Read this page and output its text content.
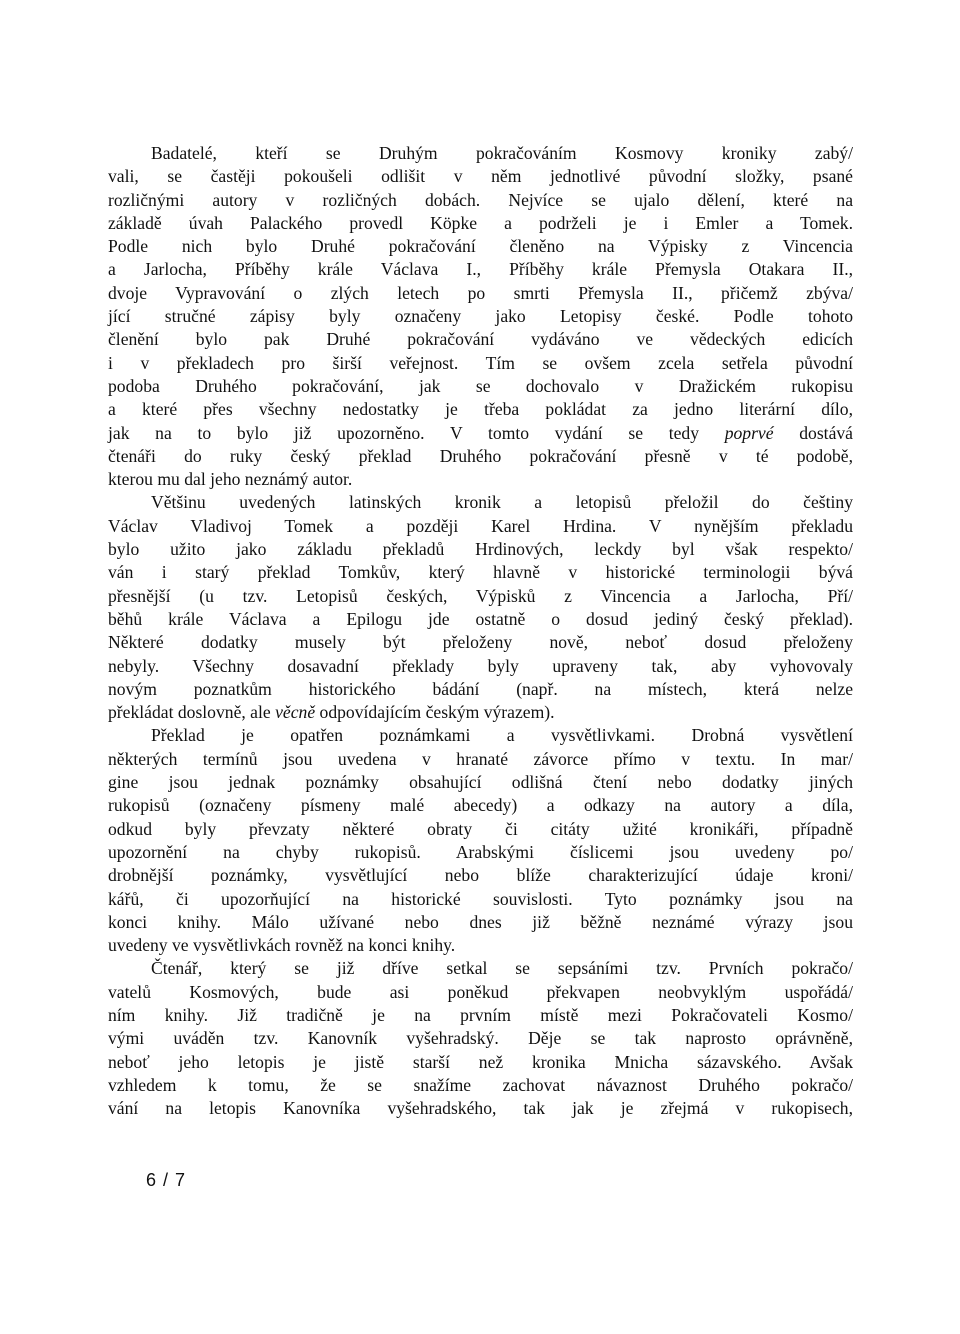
Badatelé, kteří se Druhým pokračováním Kosmovy kroniky zabý/
vali, se častěji pokoušeli odlišit v něm jednotlivé původní složky, psané
rozličnými autory v rozličných dobách. Nejvíce se ujalo dělení, které na
základě úvah Palackého provedl Köpke a podrželi je i Emler a Tomek.
Podle nich bylo Druhé pokračování členěno na Výpisky z Vincencia
a Jarlocha, Příběhy krále Václava I., Příběhy krále Přemysla Otakara II.,
dvoje Vypravování o zlých letech po smrti Přemysla II., přičemž zbýva/
jící stručné zápisy byly označeny jako Letopisy české. Podle tohoto
členění bylo pak Druhé pokračování vydáváno ve vědeckých edicích
i v překladech pro širší veřejnost. Tím se ovšem zcela setřela původní
podoba Druhého pokračování, jak se dochovalo v Dražickém rukopisu
a které přes všechny nedostatky je třeba pokládat za jedno literární dílo,
jak na to bylo již upozorněno. V tomto vydání se tedy poprvé dostává
čtenáři do ruky český překlad Druhého pokračování přesně v té podobě,
kterou mu dal jeho neznámý autor.
Většinu uvedených latinských kronik a letopisů přeložil do češtiny
Václav Vladivoj Tomek a později Karel Hrdina. V nynějším překladu
bylo užito jako základu překladů Hrdinových, leckdy byl však respekto/
ván i starý překlad Tomkův, který hlavně v historické terminologii bývá
přesnější (u tzv. Letopisů českých, Výpisků z Vincencia a Jarlocha, Pří/
běhů krále Václava a Epilogu jde ostatně o dosud jediný český překlad).
Některé dodatky musely být přeloženy nově, neboť dosud přeloženy
nebyly. Všechny dosavadní překlady byly upraveny tak, aby vyhovovaly
novým poznatkům historického bádání (např. na místech, která nelze
překládat doslovně, ale věcně odpovídajícím českým výrazem).
Překlad je opatřen poznámkami a vysvětlivkami. Drobná vysvětlení
některých termínů jsou uvedena v hranaté závorce přímo v textu. In mar/
gine jsou jednak poznámky obsahující odlišná čtení nebo dodatky jiných
rukopisů (označeny písmeny malé abecedy) a odkazy na autory a díla,
odkud byly převzaty některé obraty či citáty užité kronikáři, případně
upozornění na chyby rukopisů. Arabskými číslicemi jsou uvedeny po/
drobnější poznámky, vysvětlující nebo blíže charakterizující údaje kroni/
kářů, či upozorňující na historické souvislosti. Tyto poznámky jsou na
konci knihy. Málo užívané nebo dnes již běžně neznámé výrazy jsou
uvedeny ve vysvětlivkách rovněž na konci knihy.
Čtenář, který se již dříve setkal se sepsáními tzv. Prvních pokračo/
vatelů Kosmových, bude asi poněkud překvapen neobvyklým uspořádá/
ním knihy. Již tradičně je na prvním místě mezi Pokračovateli Kosmo/
vými uváděn tzv. Kanovník vyšehradský. Děje se tak naprosto oprávněně,
neboť jeho letopis je jistě starší než kronika Mnicha sázavského. Avšak
vzhledem k tomu, že se snažíme zachovat návaznost Druhého pokračo/
vání na letopis Kanovníka vyšehradského, tak jak je zřejmá v rukopisech,
6 / 7
